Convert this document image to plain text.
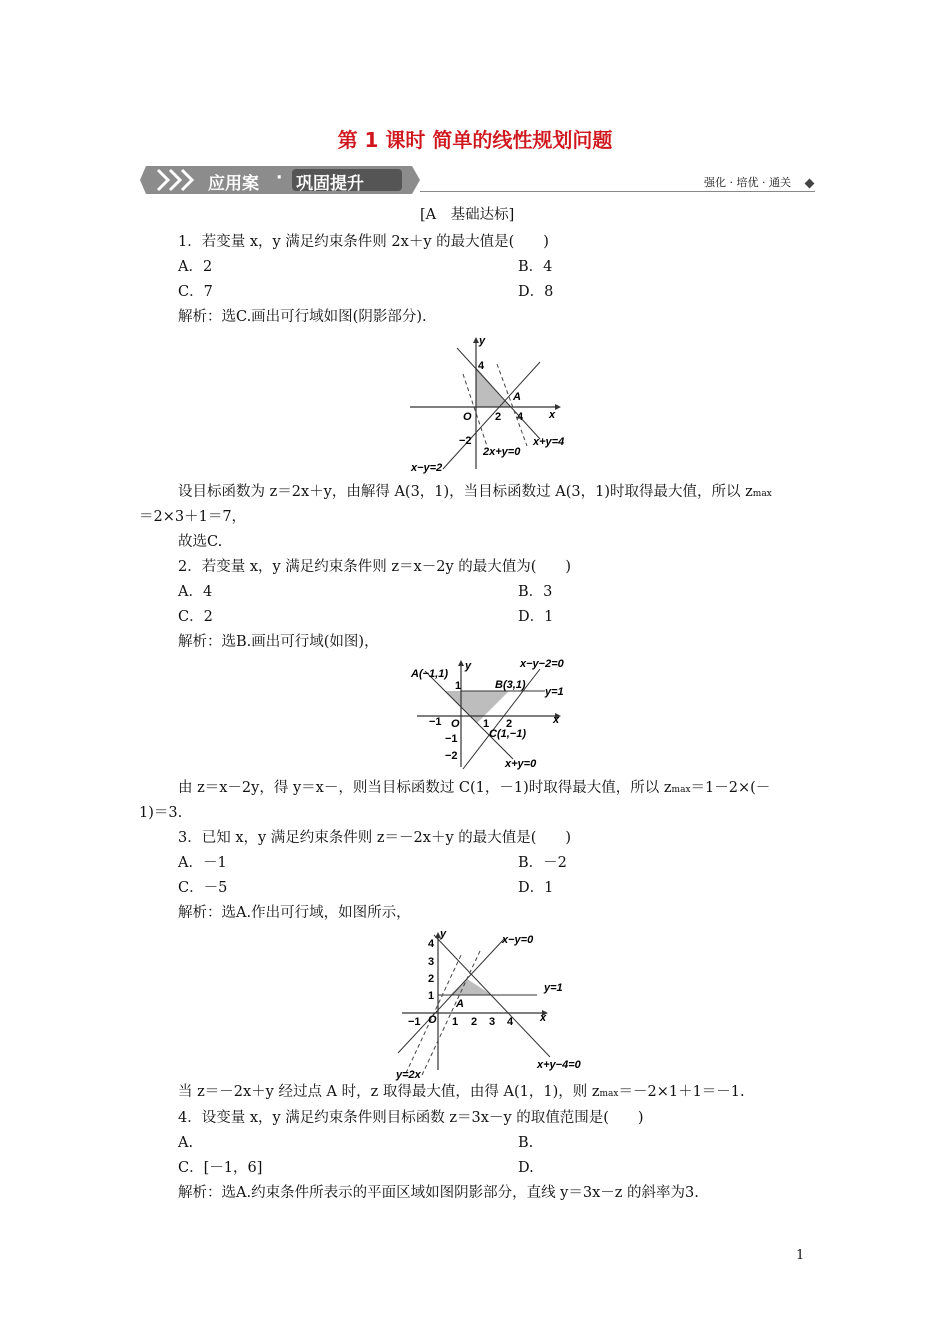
第 1 课时 简单的线性规划问题
应用案 · 巩固提升	强化 · 培优 · 通关
[A　基础达标]
1．若变量 x，y 满足约束条件则 2x＋y 的最大值是(　　)
A．2	B．4
C．7	D．8
解析：选C.画出可行域如图(阴影部分).
y
x
O
4
2 4
−2
A
x+y=4
2x+y=0
x−y=2
设目标函数为 z＝2x＋y，由解得 A(3，1)，当目标函数过 A(3，1)时取得最大值，所以 zmax
＝2×3＋1＝7，
故选C.
2．若变量 x，y 满足约束条件则 z＝x－2y 的最大值为(　　)
A．4	B．3
C．2	D．1
解析：选B.画出可行域(如图)，
y
x
O
A(−1,1)
B(3,1)
C(1,−1)
x−y−2=0
y=1
x+y=0
1
−1	1 2
−1
−2
由 z＝x－2y，得 y＝x－，则当目标函数过 C(1，－1)时取得最大值，所以 zmax＝1－2×(－
1)＝3.
3．已知 x，y 满足约束条件则 z＝－2x＋y 的最大值是(　　)
A．－1	B．－2
C．－5	D．1
解析：选A.作出可行域，如图所示，
y
x
O
A
x−y=0
y=1
x+y−4=0
y=2x
4
3
2
1
−1	1 2 3 4
当 z＝－2x＋y 经过点 A 时，z 取得最大值，由得 A(1，1)，则 zmax＝－2×1＋1＝－1.
4．设变量 x，y 满足约束条件则目标函数 z＝3x－y 的取值范围是(　　)
A.	B.
C．[－1，6]	D.
解析：选A.约束条件所表示的平面区域如图阴影部分，直线 y＝3x－z 的斜率为3.
1
